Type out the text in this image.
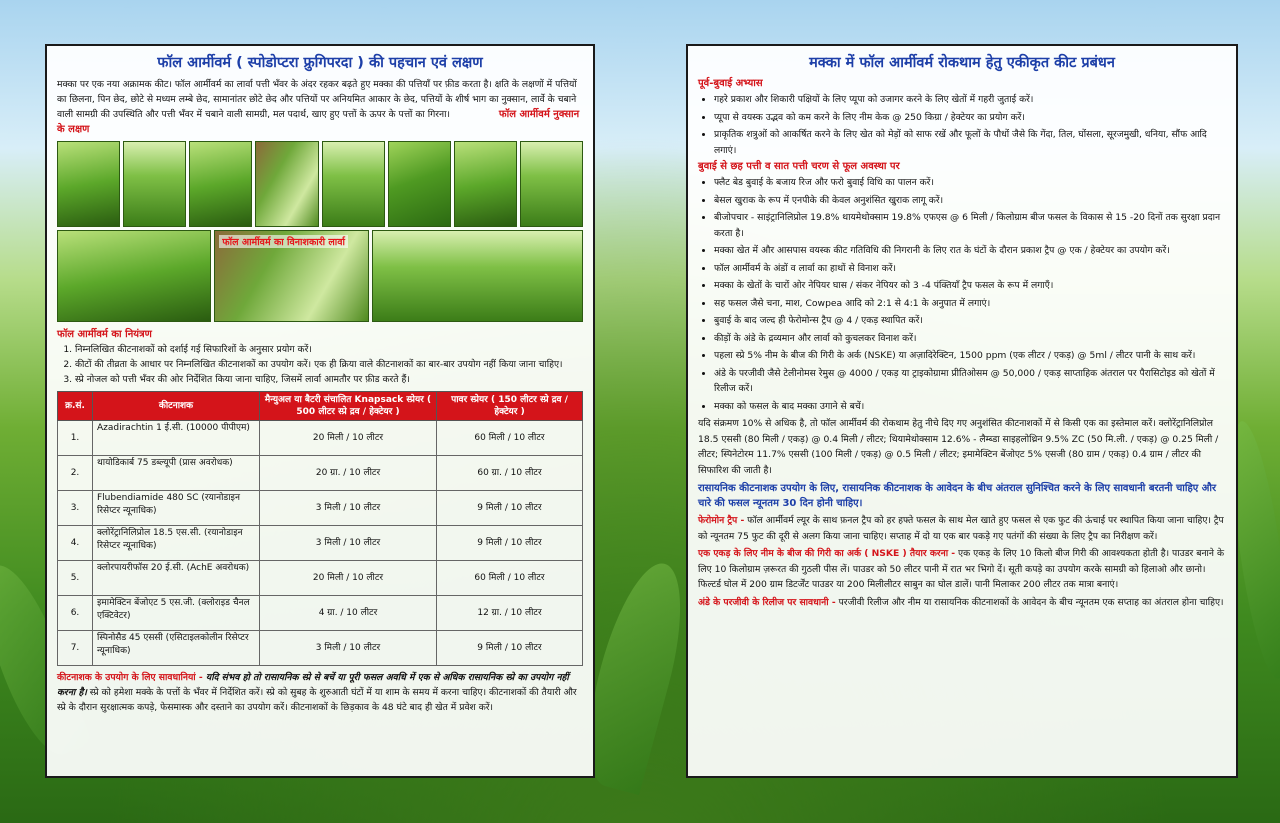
फॉल आर्मीवर्म ( स्पोडोप्टरा फ्रुगिपरदा ) की पहचान एवं लक्षण

मक्का पर एक नया अक्रामक कीट। फॉल आर्मीवर्म का लार्वा पत्ती भँवर के अंदर रहकर बढ़ते हुए मक्का की पत्तियाँ पर फ़ीड करता है। क्षति के लक्षणों में पत्तियों का छिलना, पिन छेद, छोटे से मध्यम लम्बे छेद, सामानांतर छोटे छेद और पत्तियों पर अनियमित आकार के छेद, पत्तियों के शीर्ष भाग का नुक्सान, लार्वे के चबाने वाली सामग्री की उपस्थिति और पत्ती भँवर में चबाने वाली सामग्री, मल पदार्थ, खाए हुए पत्तों के ऊपर के पत्तों का गिरना।	फॉल आर्मीवर्म नुक्सान के लक्षण

फॉल आर्मीवर्म का विनाशकारी लार्वा
फॉल आर्मीवर्म का नियंत्रण
1. निम्नलिखित कीटनाशकों को दर्शाई गई सिफारिशों के अनुसार प्रयोग करें।
2. कीटों की तीव्रता के आधार पर निम्नलिखित कीटनाशकों का उपयोग करें। एक ही क्रिया वाले कीटनाशकों का बार-बार उपयोग नहीं किया जाना चाहिए।
3. स्प्रे नोजल को पत्ती भँवर की ओर निर्देशित किया जाना चाहिए, जिसमें लार्वा आमतौर पर फ़ीड करते हैं।
क्र.सं.	कीटनाशक	मैन्युअल या बैटरी संचालित Knapsack स्प्रेयर ( 500 लीटर स्प्रे द्रव / हेक्टेयर )	पावर स्प्रेयर ( 150 लीटर स्प्रे द्रव / हेक्टेयर )
1.	Azadirachtin 1 ई.सी. (10000 पीपीएम)	20 मिली / 10 लीटर	60 मिली / 10 लीटर
2.	थायोडिकार्ब 75 डब्ल्यूपी (प्रास अवरोधक)	20 ग्रा. / 10 लीटर	60 ग्रा. / 10 लीटर
3.	Flubendiamide 480 SC (रयानोडाइन रिसेप्टर न्यूनाधिक)	3 मिली / 10 लीटर	9 मिली / 10 लीटर
4.	क्लोरेंट्रानिलिप्रोल 18.5 एस.सी. (रयानोडाइन रिसेप्टर न्यूनाधिक)	3 मिली / 10 लीटर	9 मिली / 10 लीटर
5.	क्लोरपायरीफॉस 20 ई.सी. (AchE अवरोधक)	20 मिली / 10 लीटर	60 मिली / 10 लीटर
6.	इमामेक्टिन बेंजोएट 5 एस.जी. (क्लोराइड चैनल एक्टिवेटर)	4 ग्रा. / 10 लीटर	12 ग्रा. / 10 लीटर
7.	स्पिनोसैड 45 एससी (एसिटाइलकोलीन रिसेप्टर न्यूनाधिक)	3 मिली / 10 लीटर	9 मिली / 10 लीटर
कीटनाशक के उपयोग के लिए सावधानियां - यदि संभव हो तो रासायनिक स्प्रे से बचें या पूरी फसल अवधि में एक से अधिक रासायनिक स्प्रे का उपयोग नहीं करना है। स्प्रे को हमेशा मक्के के पत्तों के भँवर में निर्देशित करें। स्प्रे को सुबह के शुरुआती घंटों में या शाम के समय में करना चाहिए। कीटनाशकों की तैयारी और स्प्रे के दौरान सुरक्षात्मक कपड़े, फेसमास्क और दस्ताने का उपयोग करें। कीटनाशकों के छिड़काव के 48 घंटे बाद ही खेत में प्रवेश करें।
मक्का में फॉल आर्मीवर्म रोकथाम हेतु एकीकृत कीट प्रबंधन
पूर्व-बुवाई अभ्यास
• गहरे प्रकाश और शिकारी पक्षियों के लिए प्यूपा को उजागर करने के लिए खेतों में गहरी जुताई करें।
• प्यूपा से वयस्क उद्भव को कम करने के लिए नीम केक @ 250 किग्रा / हेक्टेयर का प्रयोग करें।
• प्राकृतिक शत्रुओं को आकर्षित करने के लिए खेत को मेड़ों को साफ रखें और फूलों के पौधों जैसे कि गेंदा, तिल, घोंसला, सूरजमुखी, धनिया, सौंफ आदि लगाएं।
बुवाई से छह पत्ती व सात पत्ती चरण से फूल अवस्था पर
• फ्लैट बेड बुवाई के बजाय रिज और फरो बुवाई विधि का पालन करें।
• बेसल खुराक के रूप में एनपीके की केवल अनुशंसित खुराक लागू करें।
• बीजोपचार - साइंट्रानिलिप्रोल 19.8% थायमेथोक्साम 19.8% एफएस @ 6 मिली / किलोग्राम बीज फसल के विकास से 15 -20 दिनों तक सुरक्षा प्रदान करता है।
• मक्का खेत में और आसपास वयस्क कीट गतिविधि की निगरानी के लिए रात के घंटों के दौरान प्रकाश ट्रैप @ एक / हेक्टेयर का उपयोग करें।
• फॉल आर्मीवर्म के अंडों व लार्वा का हाथों से विनाश करें।
• मक्का के खेतों के चारों ओर नेपियर घास / संकर नेपियर को 3 -4 पंक्तियाँ ट्रैप फसल के रूप में लगाएँ।
• सह फसल जैसे चना, माश, Cowpea आदि को 2:1 से 4:1 के अनुपात में लगाएं।
• बुवाई के बाद जल्द ही फेरोमोन्स ट्रैप @ 4 / एकड़ स्थापित करें।
• कीड़ों के अंडे के द्रव्यमान और लार्वा को कुचलकर विनाश करें।
• पहला स्प्रे 5% नीम के बीज की गिरी के अर्क (NSKE) या अज़ादिरेक्टिन, 1500 ppm (एक लीटर / एकड़) @ 5ml / लीटर पानी के साथ करें।
• अंडे के परजीवी जैसे टेलीनोमस रेमुस @ 4000 / एकड़ या ट्राइकोग्रामा प्रीतिओसम @ 50,000 / एकड़ साप्ताहिक अंतराल पर पैरासिटोइड को खेतों में रिलीज करें।
• मक्का को फसल के बाद मक्का उगाने से बचें।

यदि संक्रमण 10% से अधिक है, तो फॉल आर्मीवर्म की रोकथाम हेतु नीचे दिए गए अनुशंसित कीटनाशकों में से किसी एक का इस्तेमाल करें। क्लोरेंट्रानिलिप्रोल 18.5 एससी (80 मिली / एकड़) @ 0.4 मिली / लीटर; थियामेथोक्साम 12.6% - लैम्ब्डा साइहलोथ्रिन 9.5% ZC (50 मि.ली. / एकड़) @ 0.25 मिली / लीटर; स्पिनेटोरम 11.7% एससी (100 मिली / एकड़) @ 0.5 मिली / लीटर; इमामेक्टिन बेंजोएट 5% एसजी (80 ग्राम / एकड़) 0.4 ग्राम / लीटर की सिफारिश की जाती है।

रासायनिक कीटनाशक उपयोग के लिए, रासायनिक कीटनाशक के आवेदन के बीच अंतराल सुनिश्चित करने के लिए सावधानी बरतनी चाहिए और चारे की फसल न्यूनतम 30 दिन होनी चाहिए।

फेरोमोन ट्रैप - फॉल आर्मीवर्म ल्यूर के साथ फ़नल ट्रैप को हर हफ्ते फसल के साथ मेल खाते हुए फसल से एक फुट की ऊंचाई पर स्थापित किया जाना चाहिए। ट्रैप को न्यूनतम 75 फुट की दूरी से अलग किया जाना चाहिए। सप्ताह में दो या एक बार पकड़े गए पतंगों की संख्या के लिए ट्रैप का निरीक्षण करें।

एक एकड़ के लिए नीम के बीज की गिरी का अर्क ( NSKE ) तैयार करना - एक एकड़ के लिए 10 किलो बीज गिरी की आवश्यकता होती है। पाउडर बनाने के लिए 10 किलोग्राम ज़रूरत की गुठली पीस लें। पाउडर को 50 लीटर पानी में रात भर भिगो दें। सूती कपड़े का उपयोग करके सामग्री को हिलाओ और छानो। फिल्टर्ड घोल में 200 ग्राम डिटर्जेंट पाउडर या 200 मिलीलीटर साबुन का घोल डालें। पानी मिलाकर 200 लीटर तक मात्रा बनाएं।

अंडे के परजीवी के रिलीज पर सावधानी - परजीवी रिलीज और नीम या रासायनिक कीटनाशकों के आवेदन के बीच न्यूनतम एक सप्ताह का अंतराल होना चाहिए।
